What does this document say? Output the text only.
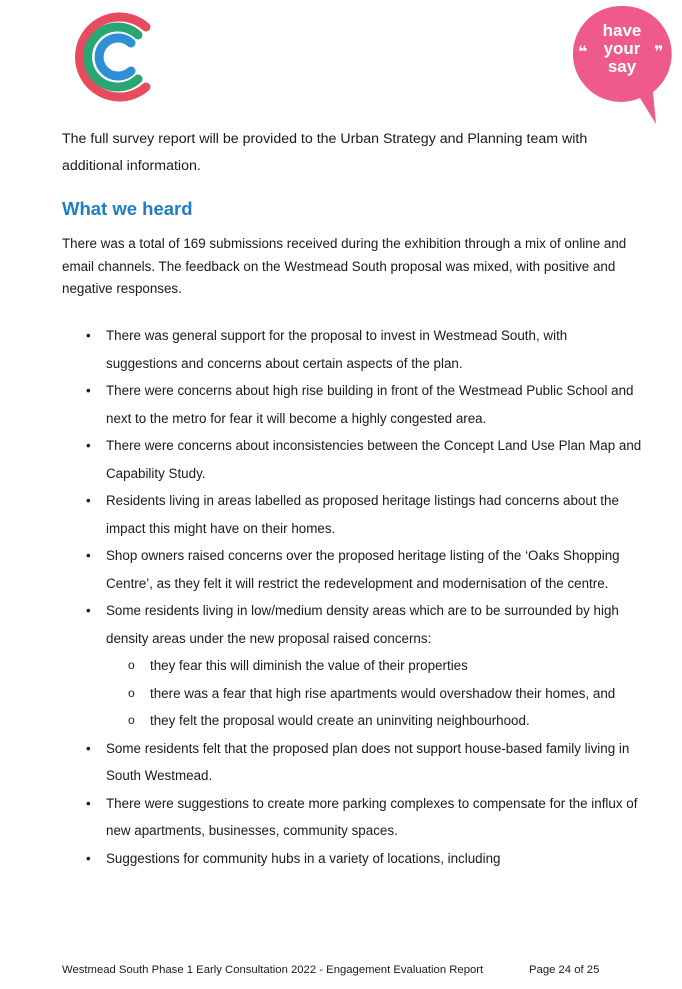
❝	❞
have
your
say

The full survey report will be provided to the Urban Strategy and Planning team with additional information.

What we heard

There was a total of 169 submissions received during the exhibition through a mix of online and email channels. The feedback on the Westmead South proposal was mixed, with positive and negative responses.

• There was general support for the proposal to invest in Westmead South, with suggestions and concerns about certain aspects of the plan.
• There were concerns about high rise building in front of the Westmead Public School and next to the metro for fear it will become a highly congested area.
• There were concerns about inconsistencies between the Concept Land Use Plan Map and Capability Study.
• Residents living in areas labelled as proposed heritage listings had concerns about the impact this might have on their homes.
• Shop owners raised concerns over the proposed heritage listing of the ‘Oaks Shopping Centre’, as they felt it will restrict the redevelopment and modernisation of the centre.
• Some residents living in low/medium density areas which are to be surrounded by high density areas under the new proposal raised concerns:
o they fear this will diminish the value of their properties
o there was a fear that high rise apartments would overshadow their homes, and
o they felt the proposal would create an uninviting neighbourhood.
• Some residents felt that the proposed plan does not support house-based family living in South Westmead.
• There were suggestions to create more parking complexes to compensate for the influx of new apartments, businesses, community spaces.
• Suggestions for community hubs in a variety of locations, including
Westmead South Phase 1 Early Consultation 2022 - Engagement Evaluation Report	Page 24 of 25
